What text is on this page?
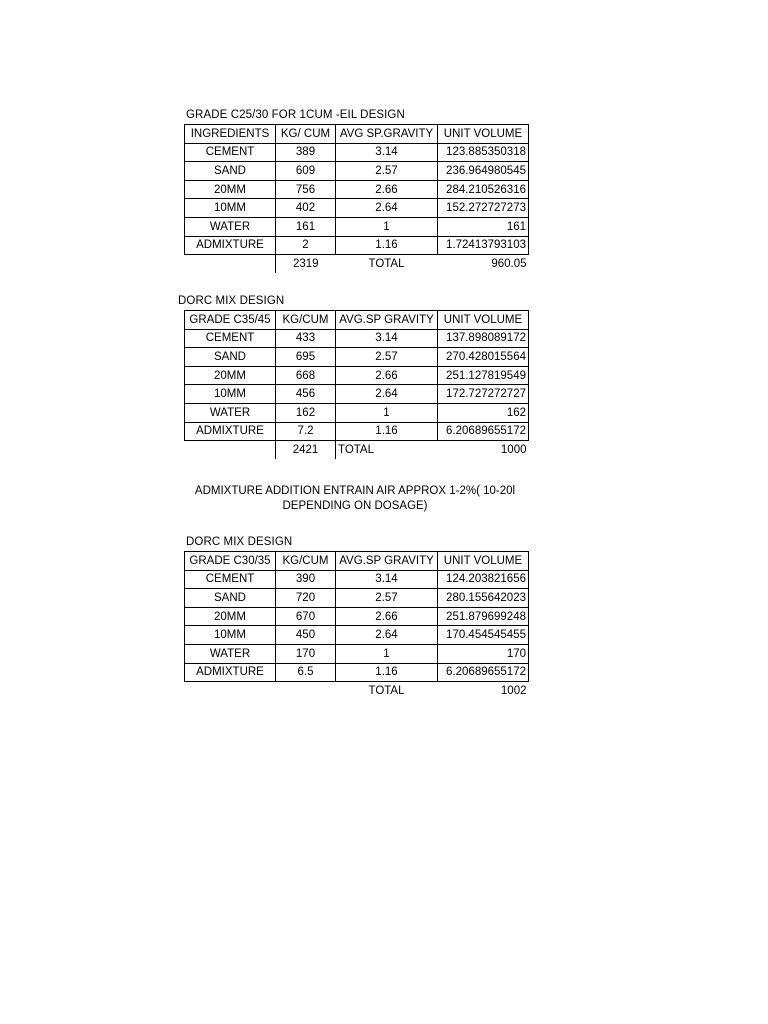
GRADE C25/30 FOR 1CUM -EIL DESIGN
INGREDIENTS	KG/ CUM	AVG SP.GRAVITY	UNIT VOLUME
CEMENT	389	3.14	123.885350318
SAND	609	2.57	236.964980545
20MM	756	2.66	284.210526316
10MM	402	2.64	152.272727273
WATER	161	1	161
ADMIXTURE	2	1.16	1.72413793103
	2319	TOTAL	960.05
DORC MIX DESIGN
GRADE C35/45	KG/CUM	AVG.SP GRAVITY	UNIT VOLUME
CEMENT	433	3.14	137.898089172
SAND	695	2.57	270.428015564
20MM	668	2.66	251.127819549
10MM	456	2.64	172.727272727
WATER	162	1	162
ADMIXTURE	7.2	1.16	6.20689655172
	2421	TOTAL	1000
ADMIXTURE ADDITION ENTRAIN AIR APPROX 1-2%( 10-20l
DEPENDING ON DOSAGE)
DORC MIX DESIGN
GRADE C30/35	KG/CUM	AVG.SP GRAVITY	UNIT VOLUME
CEMENT	390	3.14	124.203821656
SAND	720	2.57	280.155642023
20MM	670	2.66	251.879699248
10MM	450	2.64	170.454545455
WATER	170	1	170
ADMIXTURE	6.5	1.16	6.20689655172
		TOTAL	1002
